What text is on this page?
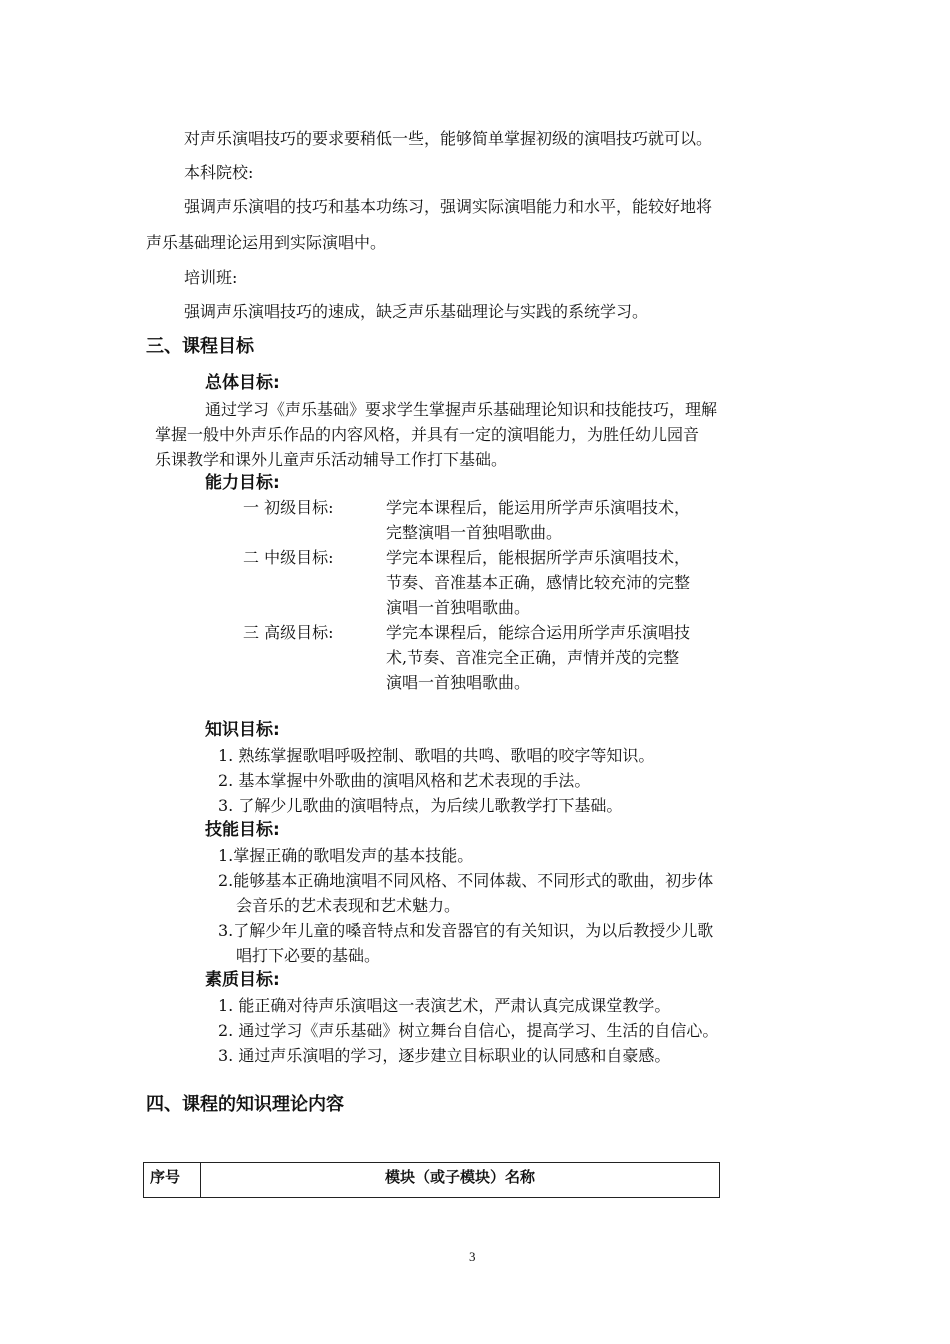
对声乐演唱技巧的要求要稍低一些，能够简单掌握初级的演唱技巧就可以。
本科院校:
强调声乐演唱的技巧和基本功练习，强调实际演唱能力和水平，能较好地将
声乐基础理论运用到实际演唱中。
培训班:
强调声乐演唱技巧的速成，缺乏声乐基础理论与实践的系统学习。
三、课程目标
总体目标:
通过学习《声乐基础》要求学生掌握声乐基础理论知识和技能技巧，理解
掌握一般中外声乐作品的内容风格，并具有一定的演唱能力，为胜任幼儿园音
乐课教学和课外儿童声乐活动辅导工作打下基础。
能力目标:
一 初级目标:	学完本课程后，能运用所学声乐演唱技术，
完整演唱一首独唱歌曲。
二 中级目标:	学完本课程后，能根据所学声乐演唱技术，
节奏、音准基本正确，感情比较充沛的完整
演唱一首独唱歌曲。
三 高级目标:	学完本课程后，能综合运用所学声乐演唱技
术,节奏、音准完全正确，声情并茂的完整
演唱一首独唱歌曲。
知识目标:
1. 熟练掌握歌唱呼吸控制、歌唱的共鸣、歌唱的咬字等知识。
2. 基本掌握中外歌曲的演唱风格和艺术表现的手法。
3. 了解少儿歌曲的演唱特点，为后续儿歌教学打下基础。
技能目标:
1.掌握正确的歌唱发声的基本技能。
2.能够基本正确地演唱不同风格、不同体裁、不同形式的歌曲，初步体
会音乐的艺术表现和艺术魅力。
3.了解少年儿童的嗓音特点和发音器官的有关知识，为以后教授少儿歌
唱打下必要的基础。
素质目标:
1. 能正确对待声乐演唱这一表演艺术，严肃认真完成课堂教学。
2. 通过学习《声乐基础》树立舞台自信心，提高学习、生活的自信心。
3. 通过声乐演唱的学习，逐步建立目标职业的认同感和自豪感。
四、课程的知识理论内容
序号	模块（或子模块）名称
3
